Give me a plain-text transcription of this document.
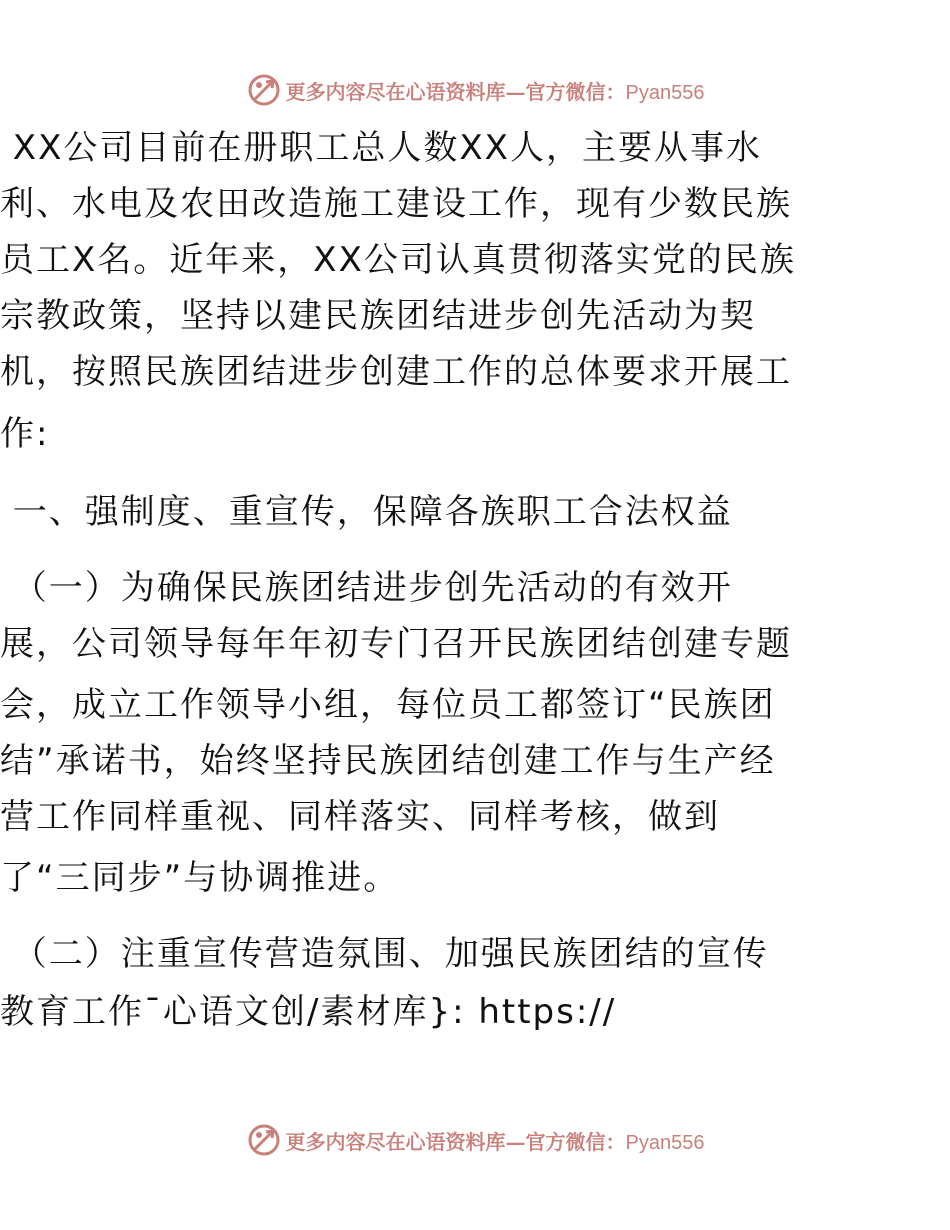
更多内容尽在心语资料库—官方微信：Pyan556
XX公司目前在册职工总人数XX人，主要从事水
利、水电及农田改造施工建设工作，现有少数民族
员工X名。近年来，XX公司认真贯彻落实党的民族
宗教政策，坚持以建民族团结进步创先活动为契
机，按照民族团结进步创建工作的总体要求开展工
作:
一、强制度、重宣传，保障各族职工合法权益
（一）为确保民族团结进步创先活动的有效开
展，公司领导每年年初专门召开民族团结创建专题
会，成立工作领导小组，每位员工都签订“民族团
结”承诺书，始终坚持民族团结创建工作与生产经
营工作同样重视、同样落实、同样考核，做到
了“三同步”与协调推进。
（二）注重宣传营造氛围、加强民族团结的宣传
教育工作¯心语文创/素材库}: https://
更多内容尽在心语资料库—官方微信：Pyan556
